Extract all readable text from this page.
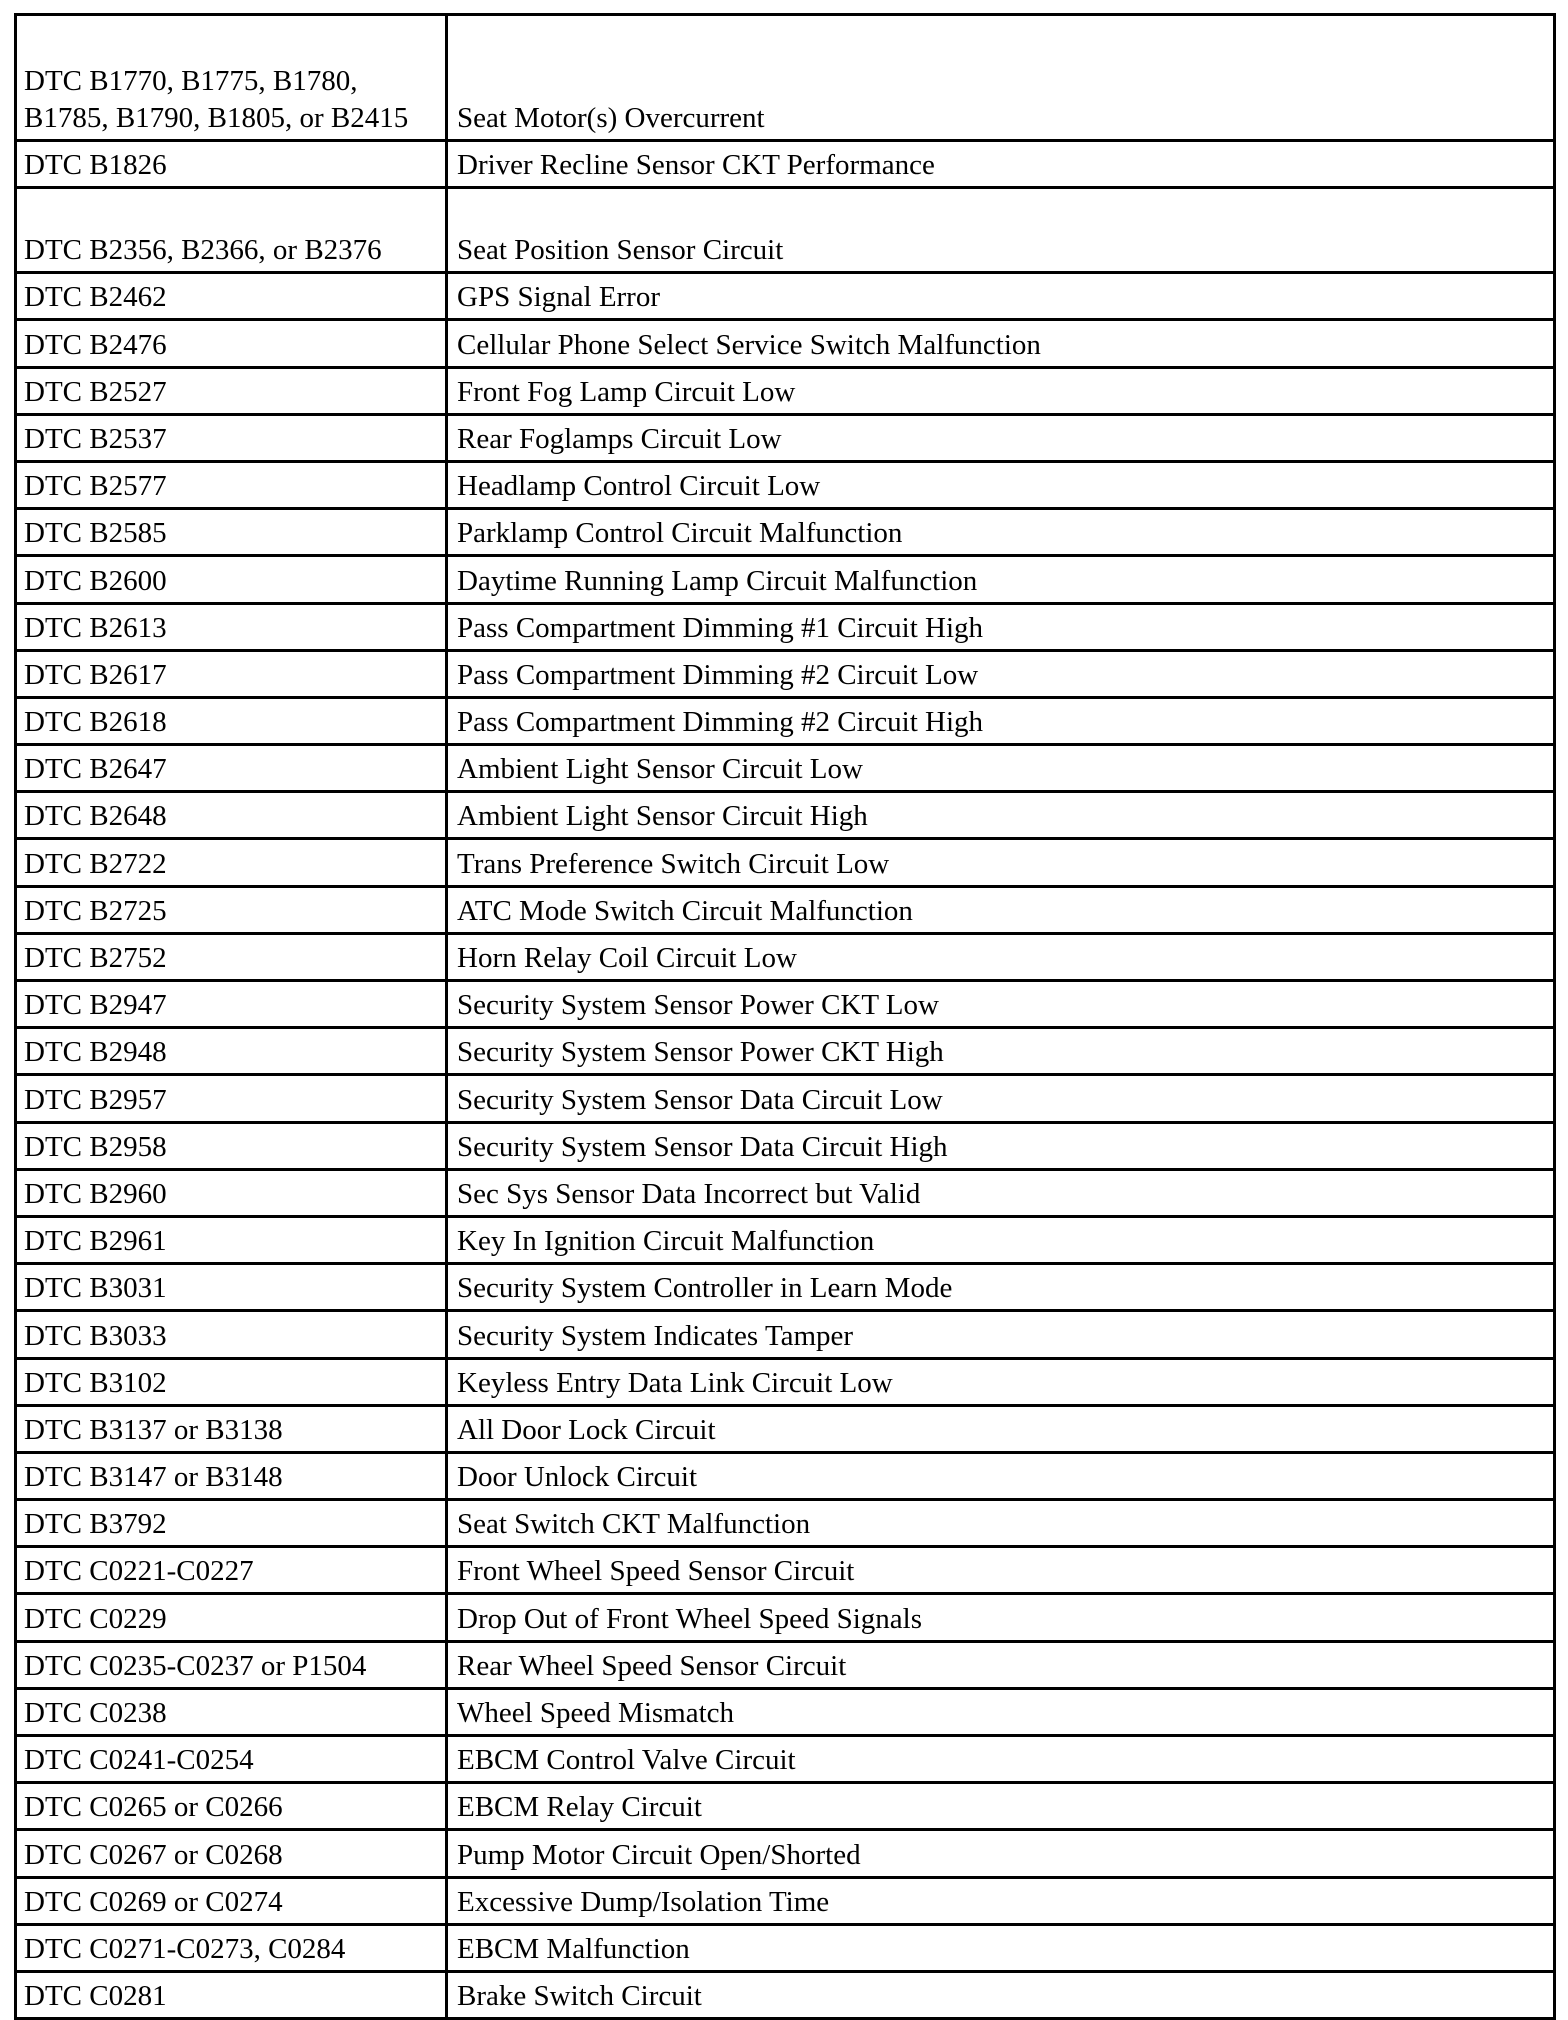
DTC B1770, B1775, B1780, B1785, B1790, B1805, or B2415	Seat Motor(s) Overcurrent

DTC B1826	Driver Recline Sensor CKT Performance

DTC B2356, B2366, or B2376	Seat Position Sensor Circuit

DTC B2462	GPS Signal Error

DTC B2476	Cellular Phone Select Service Switch Malfunction

DTC B2527	Front Fog Lamp Circuit Low

DTC B2537	Rear Foglamps Circuit Low

DTC B2577	Headlamp Control Circuit Low

DTC B2585	Parklamp Control Circuit Malfunction

DTC B2600	Daytime Running Lamp Circuit Malfunction

DTC B2613	Pass Compartment Dimming #1 Circuit High

DTC B2617	Pass Compartment Dimming #2 Circuit Low

DTC B2618	Pass Compartment Dimming #2 Circuit High

DTC B2647	Ambient Light Sensor Circuit Low

DTC B2648	Ambient Light Sensor Circuit High

DTC B2722	Trans Preference Switch Circuit Low

DTC B2725	ATC Mode Switch Circuit Malfunction

DTC B2752	Horn Relay Coil Circuit Low

DTC B2947	Security System Sensor Power CKT Low

DTC B2948	Security System Sensor Power CKT High

DTC B2957	Security System Sensor Data Circuit Low

DTC B2958	Security System Sensor Data Circuit High

DTC B2960	Sec Sys Sensor Data Incorrect but Valid

DTC B2961	Key In Ignition Circuit Malfunction

DTC B3031	Security System Controller in Learn Mode

DTC B3033	Security System Indicates Tamper

DTC B3102	Keyless Entry Data Link Circuit Low

DTC B3137 or B3138	All Door Lock Circuit

DTC B3147 or B3148	Door Unlock Circuit

DTC B3792	Seat Switch CKT Malfunction

DTC C0221-C0227	Front Wheel Speed Sensor Circuit

DTC C0229	Drop Out of Front Wheel Speed Signals

DTC C0235-C0237 or P1504	Rear Wheel Speed Sensor Circuit

DTC C0238	Wheel Speed Mismatch

DTC C0241-C0254	EBCM Control Valve Circuit

DTC C0265 or C0266	EBCM Relay Circuit

DTC C0267 or C0268	Pump Motor Circuit Open/Shorted

DTC C0269 or C0274	Excessive Dump/Isolation Time

DTC C0271-C0273, C0284	EBCM Malfunction

DTC C0281	Brake Switch Circuit
